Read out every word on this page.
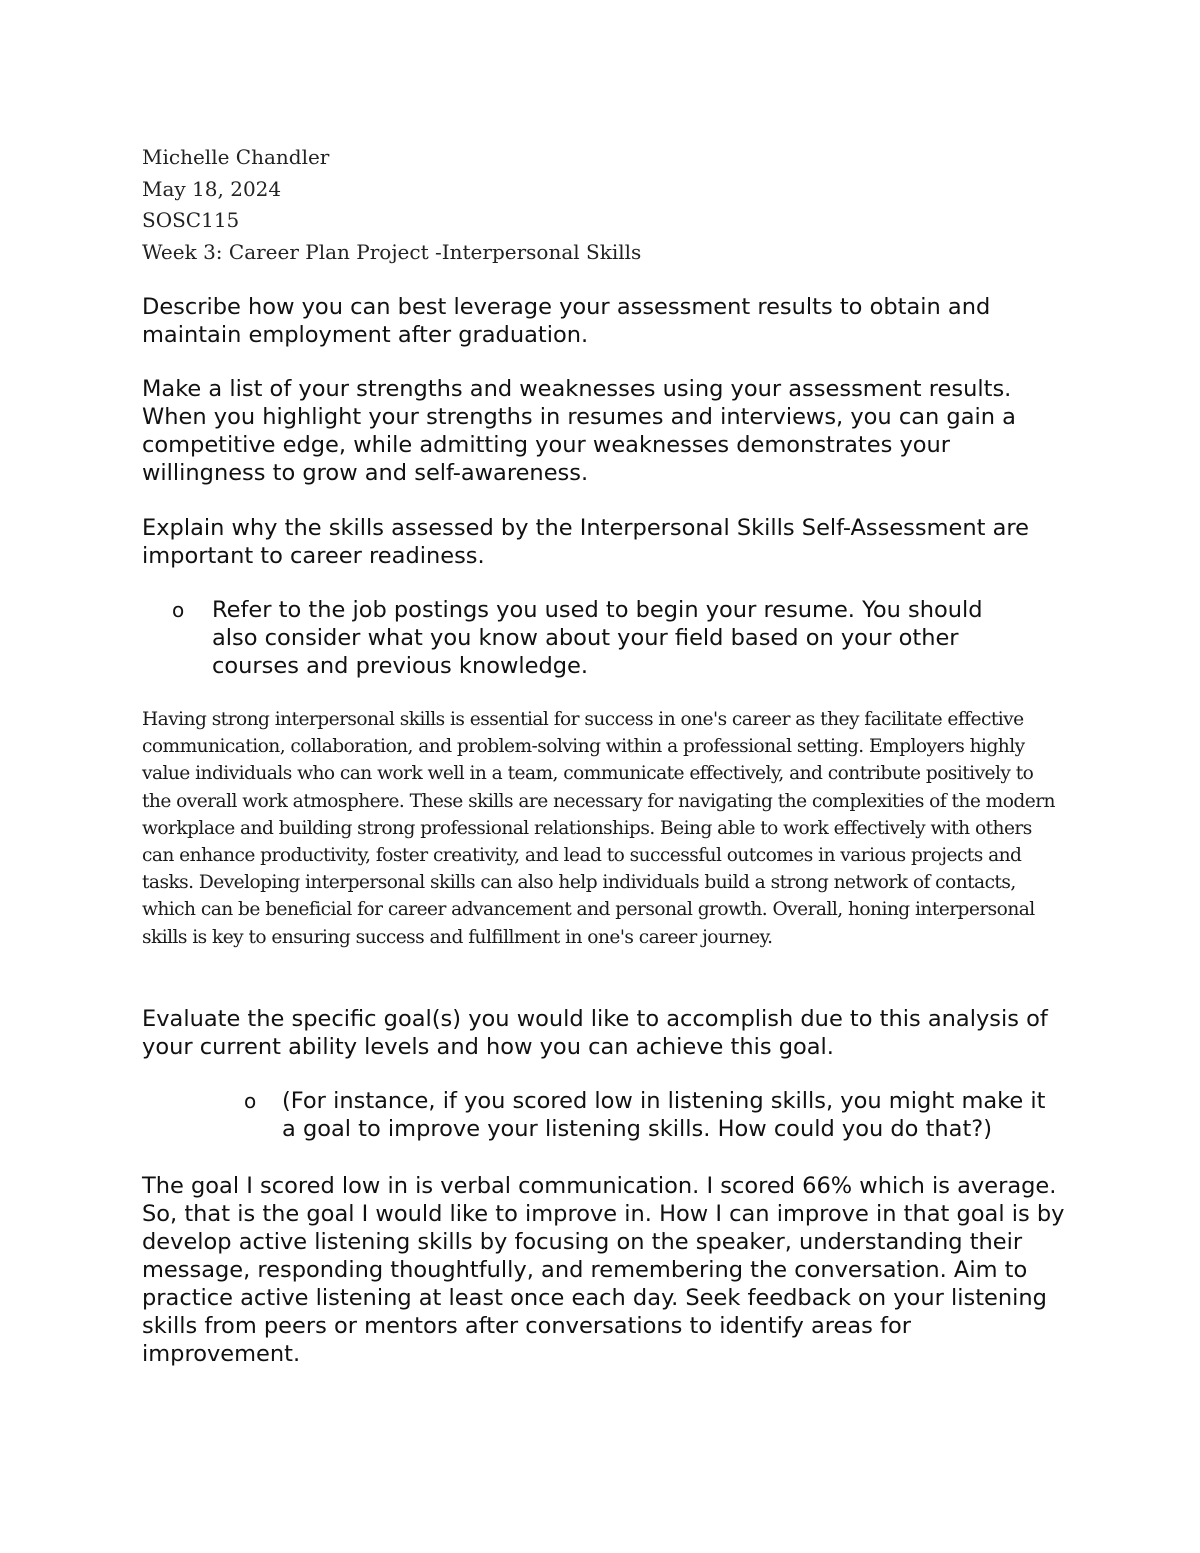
Michelle Chandler
May 18, 2024
SOSC115
Week 3: Career Plan Project -Interpersonal Skills

Describe how you can best leverage your assessment results to obtain and maintain employment after graduation.

Make a list of your strengths and weaknesses using your assessment results. When you highlight your strengths in resumes and interviews, you can gain a competitive edge, while admitting your weaknesses demonstrates your willingness to grow and self-awareness.

Explain why the skills assessed by the Interpersonal Skills Self-Assessment are important to career readiness.

o Refer to the job postings you used to begin your resume. You should also consider what you know about your field based on your other courses and previous knowledge.

Having strong interpersonal skills is essential for success in one's career as they facilitate effective communication, collaboration, and problem-solving within a professional setting. Employers highly value individuals who can work well in a team, communicate effectively, and contribute positively to the overall work atmosphere. These skills are necessary for navigating the complexities of the modern workplace and building strong professional relationships. Being able to work effectively with others can enhance productivity, foster creativity, and lead to successful outcomes in various projects and tasks. Developing interpersonal skills can also help individuals build a strong network of contacts, which can be beneficial for career advancement and personal growth. Overall, honing interpersonal skills is key to ensuring success and fulfillment in one's career journey.

Evaluate the specific goal(s) you would like to accomplish due to this analysis of your current ability levels and how you can achieve this goal.

o (For instance, if you scored low in listening skills, you might make it a goal to improve your listening skills. How could you do that?)

The goal I scored low in is verbal communication. I scored 66% which is average. So, that is the goal I would like to improve in. How I can improve in that goal is by develop active listening skills by focusing on the speaker, understanding their message, responding thoughtfully, and remembering the conversation. Aim to practice active listening at least once each day. Seek feedback on your listening skills from peers or mentors after conversations to identify areas for improvement.
